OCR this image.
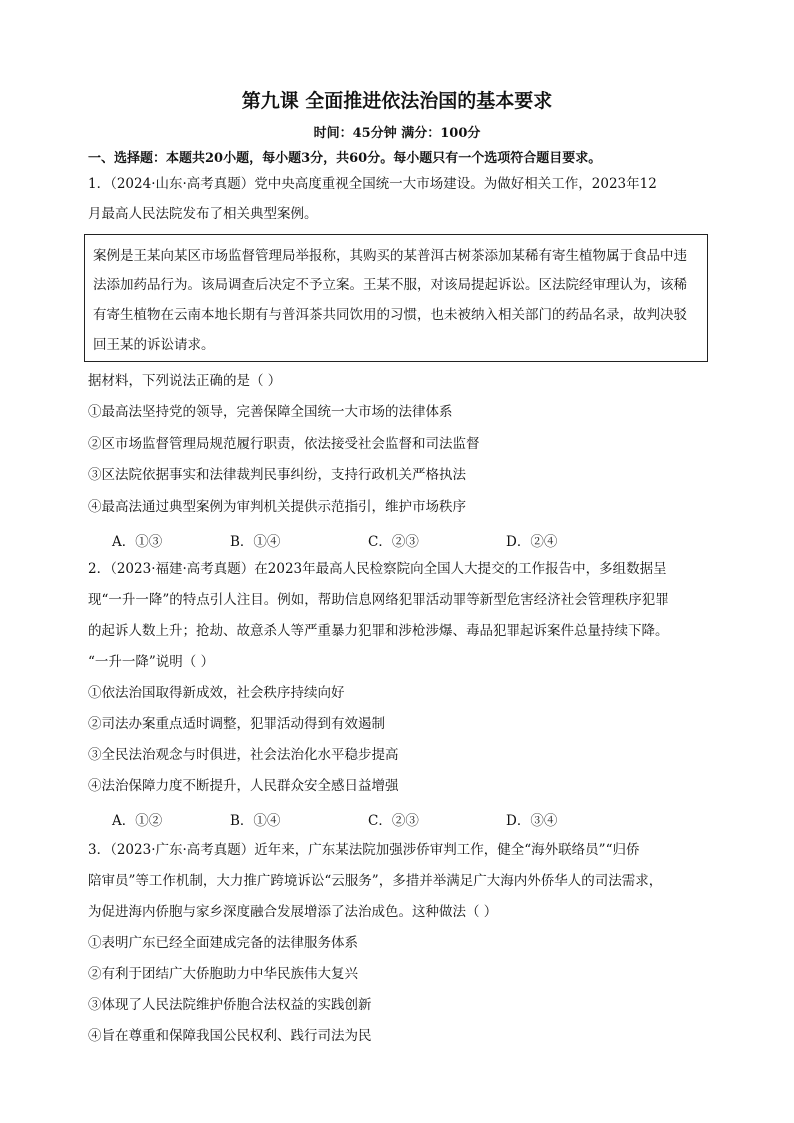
第九课 全面推进依法治国的基本要求
时间：45分钟 满分：100分
一、选择题：本题共20小题，每小题3分，共60分。每小题只有一个选项符合题目要求。
1．（2024·山东·高考真题）党中央高度重视全国统一大市场建设。为做好相关工作，2023年12
月最高人民法院发布了相关典型案例。
案例是王某向某区市场监督管理局举报称，其购买的某普洱古树茶添加某稀有寄生植物属于食品中违
法添加药品行为。该局调查后决定不予立案。王某不服，对该局提起诉讼。区法院经审理认为，该稀
有寄生植物在云南本地长期有与普洱茶共同饮用的习惯，也未被纳入相关部门的药品名录，故判决驳
回王某的诉讼请求。
据材料，下列说法正确的是（ ）
①最高法坚持党的领导，完善保障全国统一大市场的法律体系
②区市场监督管理局规范履行职责，依法接受社会监督和司法监督
③区法院依据事实和法律裁判民事纠纷，支持行政机关严格执法
④最高法通过典型案例为审判机关提供示范指引，维护市场秩序
A．①③	B．①④	C．②③	D．②④
2．（2023·福建·高考真题）在2023年最高人民检察院向全国人大提交的工作报告中，多组数据呈
现“一升一降”的特点引人注目。例如，帮助信息网络犯罪活动罪等新型危害经济社会管理秩序犯罪
的起诉人数上升；抢劫、故意杀人等严重暴力犯罪和涉枪涉爆、毒品犯罪起诉案件总量持续下降。
“一升一降”说明（ ）
①依法治国取得新成效，社会秩序持续向好
②司法办案重点适时调整，犯罪活动得到有效遏制
③全民法治观念与时俱进，社会法治化水平稳步提高
④法治保障力度不断提升，人民群众安全感日益增强
A．①②	B．①④	C．②③	D．③④
3．（2023·广东·高考真题）近年来，广东某法院加强涉侨审判工作，健全“海外联络员”“归侨
陪审员”等工作机制，大力推广跨境诉讼“云服务”，多措并举满足广大海内外侨华人的司法需求，
为促进海内侨胞与家乡深度融合发展增添了法治成色。这种做法（ ）
①表明广东已经全面建成完备的法律服务体系
②有利于团结广大侨胞助力中华民族伟大复兴
③体现了人民法院维护侨胞合法权益的实践创新
④旨在尊重和保障我国公民权利、践行司法为民
